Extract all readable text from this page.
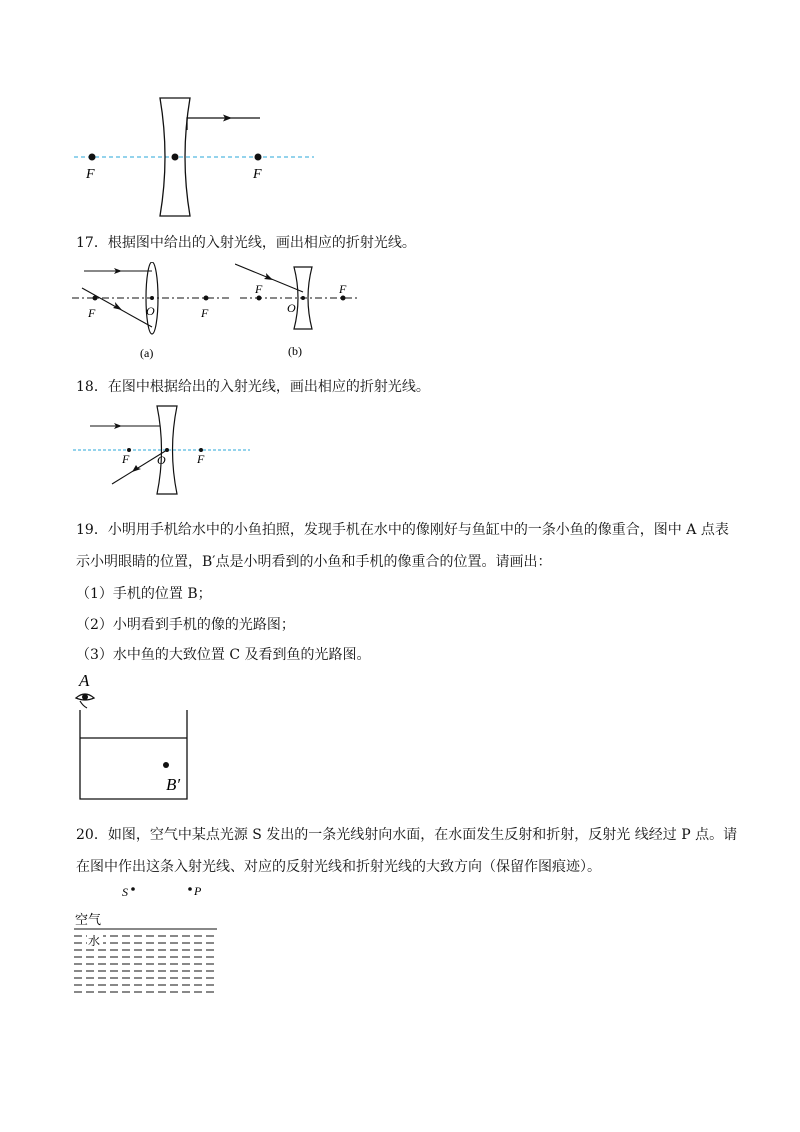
F	F
17．根据图中给出的入射光线，画出相应的折射光线。
F	O	F
(a)
F
O
F
(b)
18．在图中根据给出的入射光线，画出相应的折射光线。
F O	F
19．小明用手机给水中的小鱼拍照，发现手机在水中的像刚好与鱼缸中的一条小鱼的像重合，图中 A 点表
示小明眼睛的位置，B′点是小明看到的小鱼和手机的像重合的位置。请画出：
（1）手机的位置 B；
（2）小明看到手机的像的光路图；
（3）水中鱼的大致位置 C 及看到鱼的光路图。
A
B′
20．如图，空气中某点光源 S 发出的一条光线射向水面，在水面发生反射和折射，反射光 线经过 P 点。请
在图中作出这条入射光线、对应的反射光线和折射光线的大致方向（保留作图痕迹）。
S	P
空气
水
